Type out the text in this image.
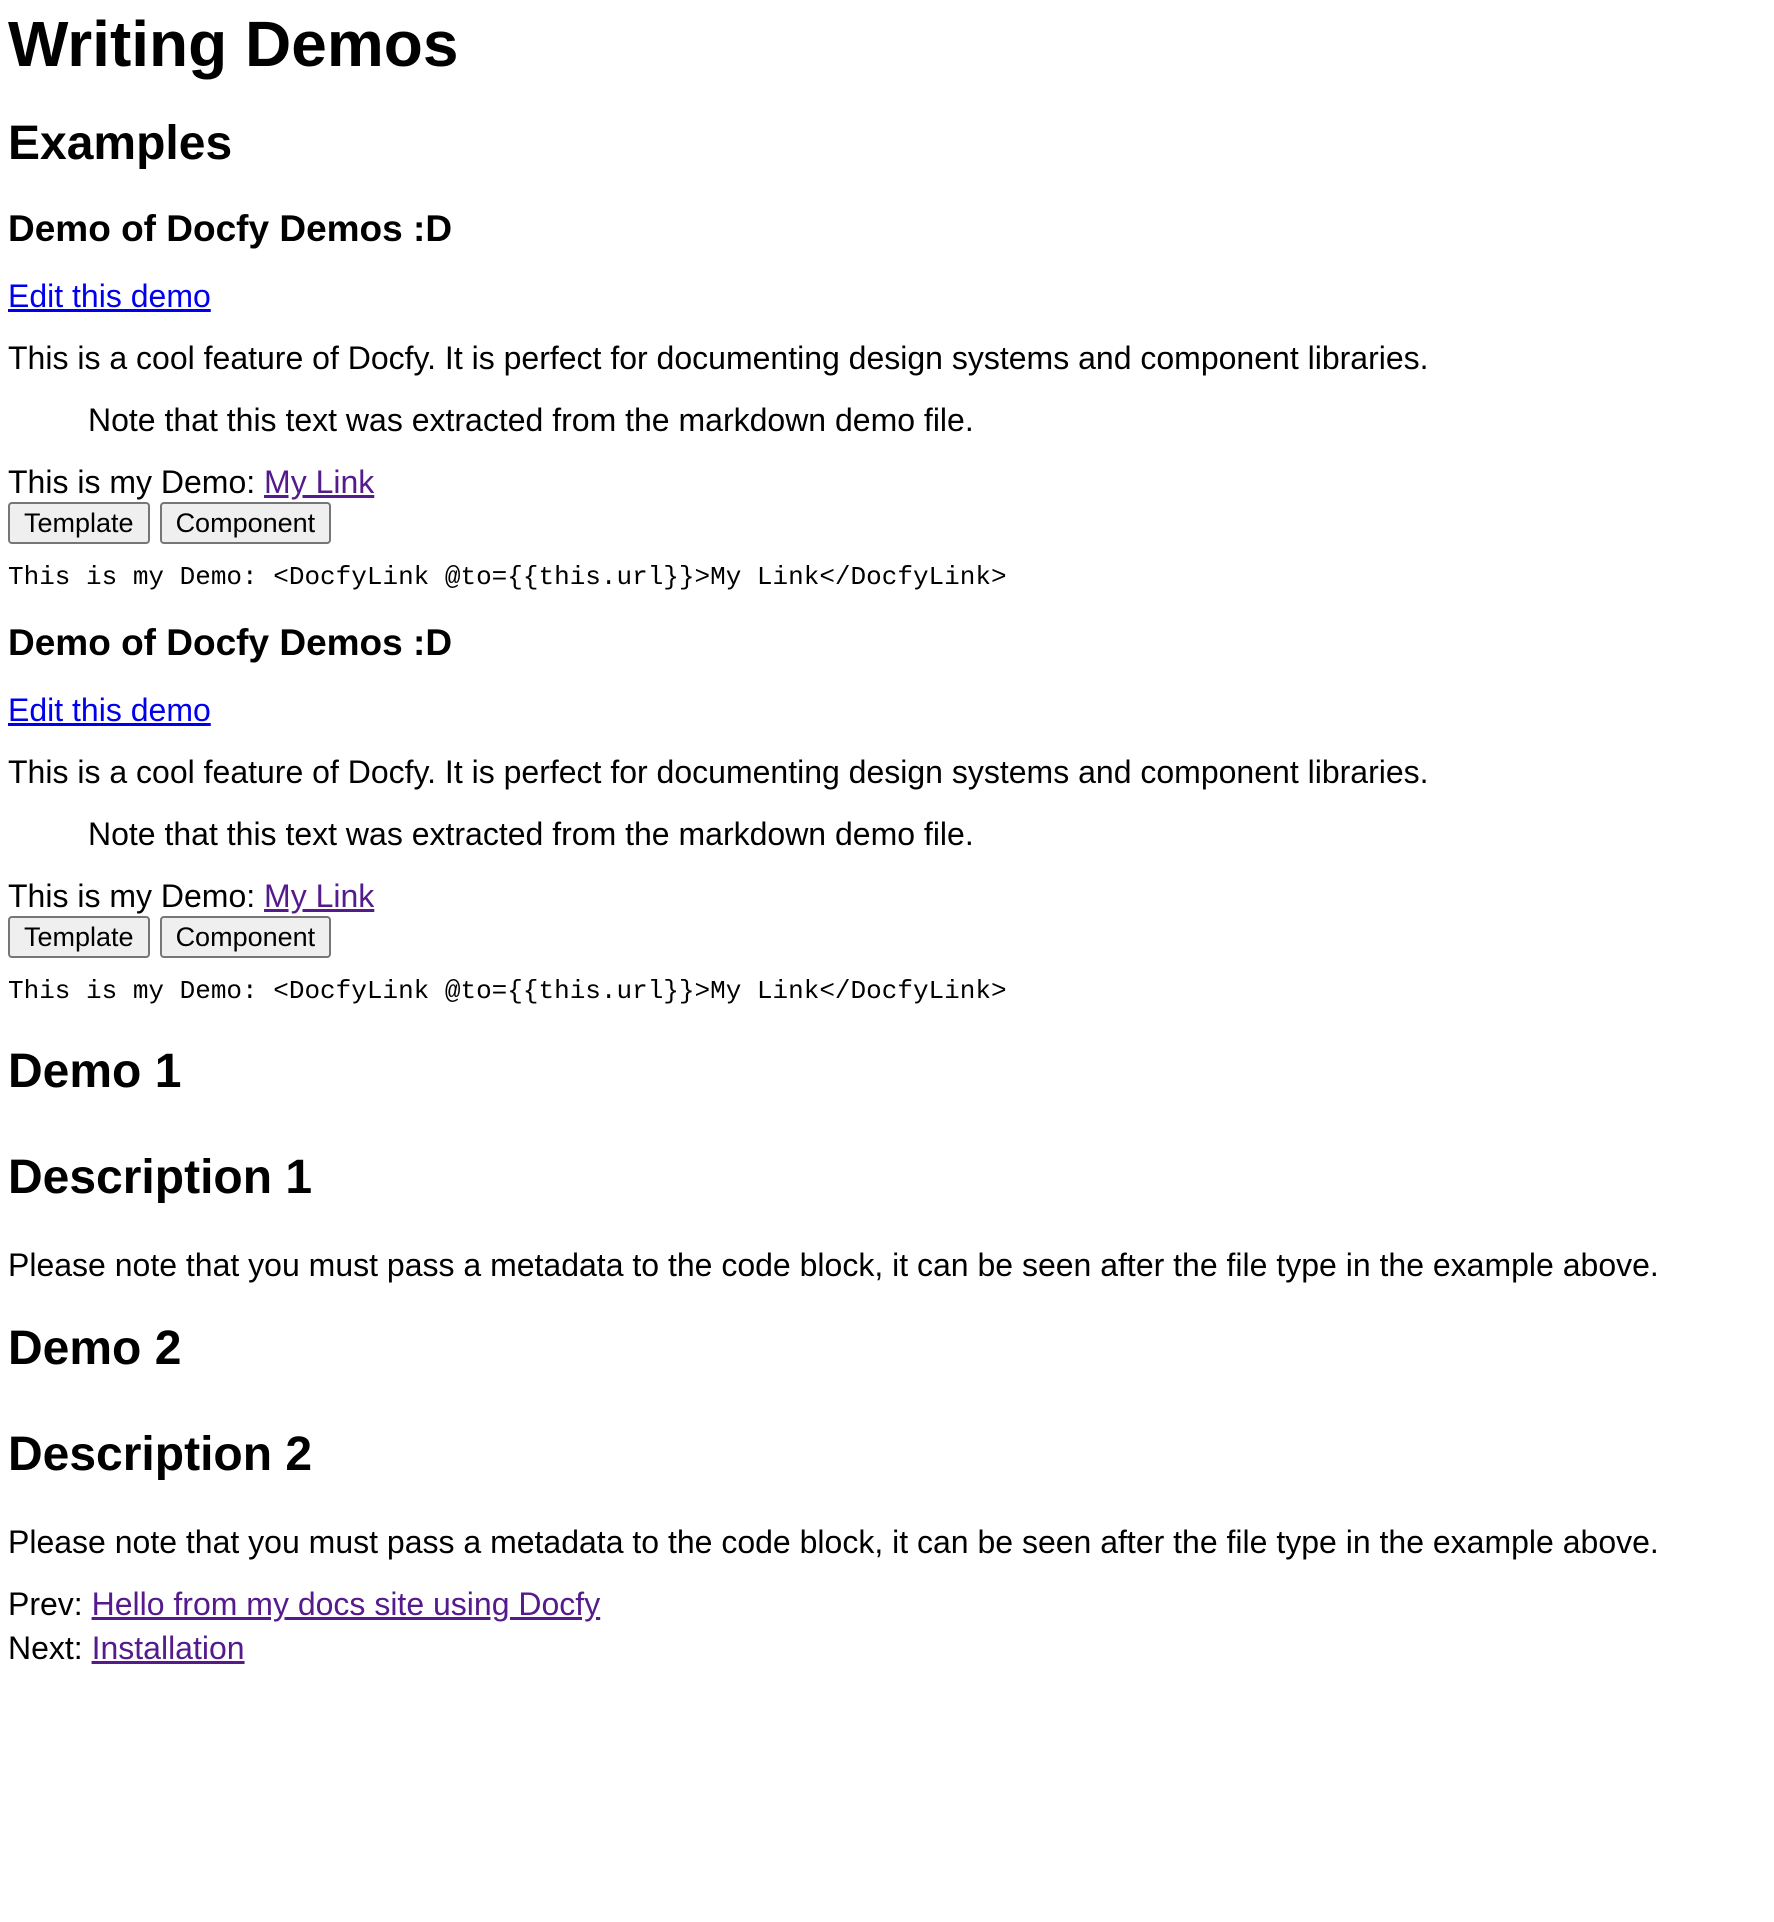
Writing Demos
Examples
Demo of Docfy Demos :D

Edit this demo

This is a cool feature of Docfy. It is perfect for documenting design systems and component libraries.

Note that this text was extracted from the markdown demo file.
This is my Demo: My Link
Template	Component
This is my Demo: <DocfyLink @to={{this.url}}>My Link</DocfyLink>
Demo of Docfy Demos :D

Edit this demo

This is a cool feature of Docfy. It is perfect for documenting design systems and component libraries.

Note that this text was extracted from the markdown demo file.
This is my Demo: My Link
Template	Component
This is my Demo: <DocfyLink @to={{this.url}}>My Link</DocfyLink>
Demo 1
Description 1

Please note that you must pass a metadata to the code block, it can be seen after the file type in the example above.

Demo 2
Description 2

Please note that you must pass a metadata to the code block, it can be seen after the file type in the example above.

Prev: Hello from my docs site using Docfy
Next: Installation
